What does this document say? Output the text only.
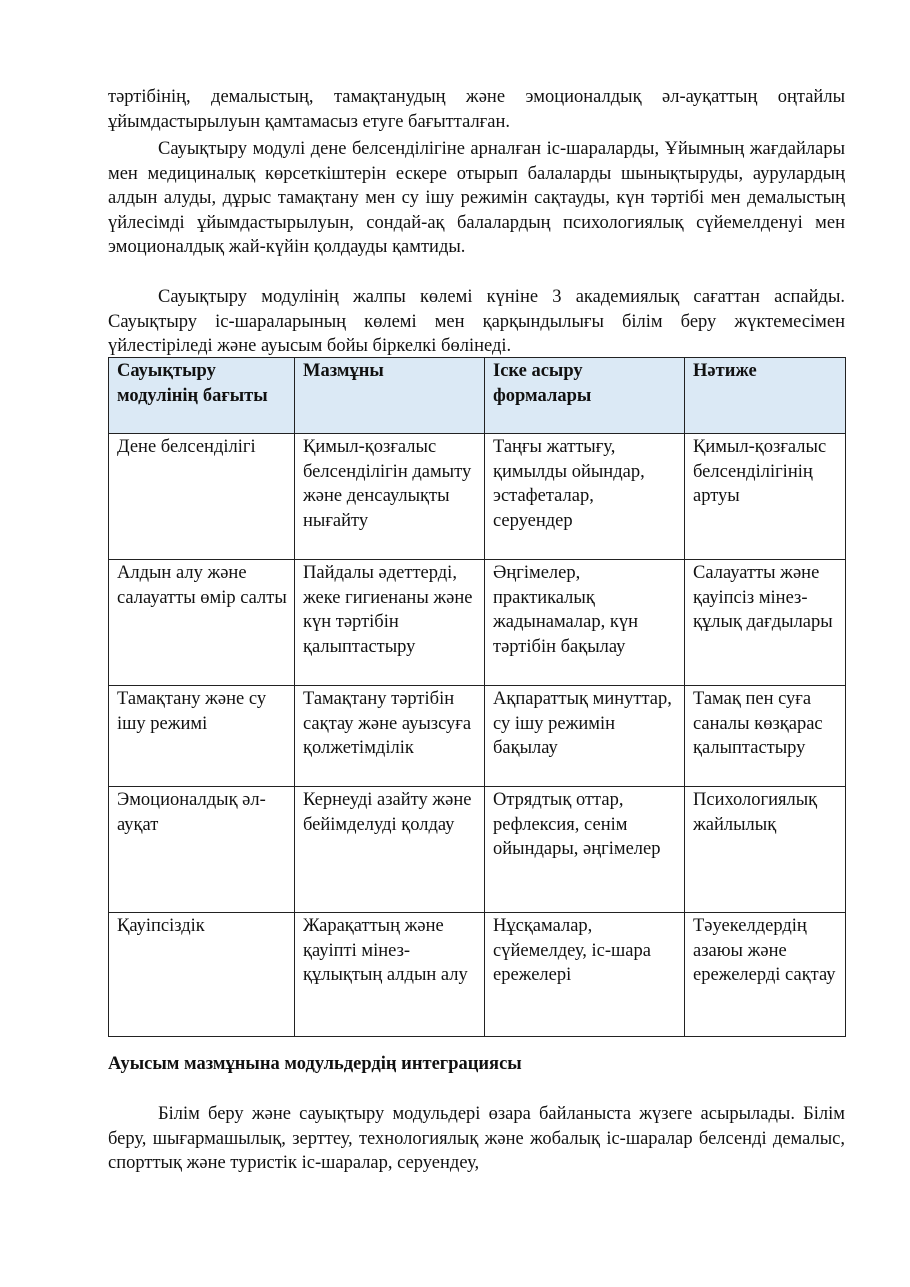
тәртібінің, демалыстың, тамақтанудың және эмоционалдық әл-ауқаттың оңтайлы ұйымдастырылуын қамтамасыз етуге бағытталған.

Сауықтыру модулі дене белсенділігіне арналған іс-шараларды, Ұйымның жағдайлары мен медициналық көрсеткіштерін ескере отырып балаларды шынықтыруды, аурулардың алдын алуды, дұрыс тамақтану мен су ішу режимін сақтауды, күн тәртібі мен демалыстың үйлесімді ұйымдастырылуын, сондай-ақ балалардың психологиялық сүйемелденуі мен эмоционалдық жай-күйін қолдауды қамтиды.

Сауықтыру модулінің жалпы көлемі күніне 3 академиялық сағаттан аспайды. Сауықтыру іс-шараларының көлемі мен қарқындылығы білім беру жүктемесімен үйлестіріледі және ауысым бойы біркелкі бөлінеді.

Сауықтыру модулінің бағыты	Мазмұны	Іске асыру формалары	Нәтиже
Дене белсенділігі	Қимыл-қозғалыс белсенділігін дамыту және денсаулықты нығайту	Таңғы жаттығу, қимылды ойындар, эстафеталар, серуендер	Қимыл-қозғалыс белсенділігінің артуы
Алдын алу және салауатты өмір салты	Пайдалы әдеттерді, жеке гигиенаны және күн тәртібін қалыптастыру	Әңгімелер, практикалық жадынамалар, күн тәртібін бақылау	Салауатты және қауіпсіз мінез-құлық дағдылары
Тамақтану және су ішу режимі	Тамақтану тәртібін сақтау және ауызсуға қолжетімділік	Ақпараттық минуттар, су ішу режимін бақылау	Тамақ пен суға саналы көзқарас қалыптастыру
Эмоционалдық әл-ауқат	Кернеуді азайту және бейімделуді қолдау	Отрядтық оттар, рефлексия, сенім ойындары, әңгімелер	Психологиялық жайлылық
Қауіпсіздік	Жарақаттың және қауіпті мінез-құлықтың алдын алу	Нұсқамалар, сүйемелдеу, іс-шара ережелері	Тәуекелдердің азаюы және ережелерді сақтау
Ауысым мазмұнына модульдердің интеграциясы

Білім беру және сауықтыру модульдері өзара байланыста жүзеге асырылады. Білім беру, шығармашылық, зерттеу, технологиялық және жобалық іс-шаралар белсенді демалыс, спорттық және туристік іс-шаралар, серуендеу,
